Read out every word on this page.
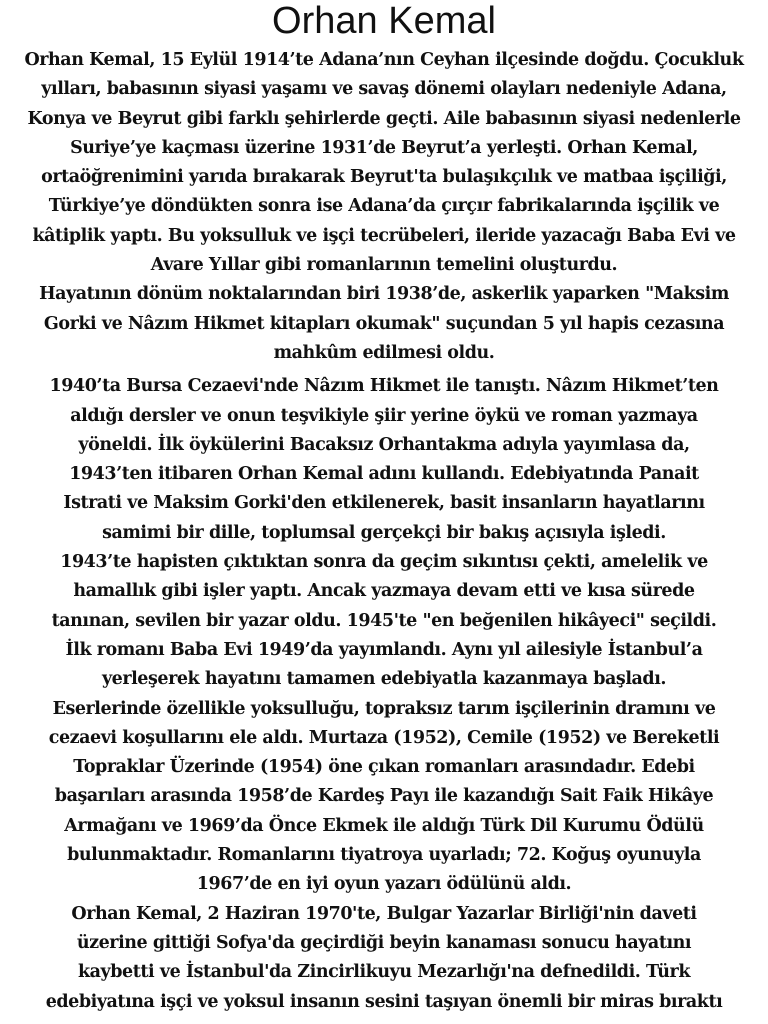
Orhan Kemal
Orhan Kemal, 15 Eylül 1914’te Adana’nın Ceyhan ilçesinde doğdu. Çocukluk
yılları, babasının siyasi yaşamı ve savaş dönemi olayları nedeniyle Adana,
Konya ve Beyrut gibi farklı şehirlerde geçti. Aile babasının siyasi nedenlerle
Suriye’ye kaçması üzerine 1931’de Beyrut’a yerleşti. Orhan Kemal,
ortaöğrenimini yarıda bırakarak Beyrut'ta bulaşıkçılık ve matbaa işçiliği,
Türkiye’ye döndükten sonra ise Adana’da çırçır fabrikalarında işçilik ve
kâtiplik yaptı. Bu yoksulluk ve işçi tecrübeleri, ileride yazacağı Baba Evi ve
Avare Yıllar gibi romanlarının temelini oluşturdu.
Hayatının dönüm noktalarından biri 1938’de, askerlik yaparken "Maksim
Gorki ve Nâzım Hikmet kitapları okumak" suçundan 5 yıl hapis cezasına
mahkûm edilmesi oldu.
1940’ta Bursa Cezaevi'nde Nâzım Hikmet ile tanıştı. Nâzım Hikmet’ten
aldığı dersler ve onun teşvikiyle şiir yerine öykü ve roman yazmaya
yöneldi. İlk öykülerini Bacaksız Orhantakma adıyla yayımlasa da,
1943’ten itibaren Orhan Kemal adını kullandı. Edebiyatında Panait
Istrati ve Maksim Gorki'den etkilenerek, basit insanların hayatlarını
samimi bir dille, toplumsal gerçekçi bir bakış açısıyla işledi.
1943’te hapisten çıktıktan sonra da geçim sıkıntısı çekti, amelelik ve
hamallık gibi işler yaptı. Ancak yazmaya devam etti ve kısa sürede
tanınan, sevilen bir yazar oldu. 1945'te "en beğenilen hikâyeci" seçildi.
İlk romanı Baba Evi 1949’da yayımlandı. Aynı yıl ailesiyle İstanbul’a
yerleşerek hayatını tamamen edebiyatla kazanmaya başladı.
Eserlerinde özellikle yoksulluğu, topraksız tarım işçilerinin dramını ve
cezaevi koşullarını ele aldı. Murtaza (1952), Cemile (1952) ve Bereketli
Topraklar Üzerinde (1954) öne çıkan romanları arasındadır. Edebi
başarıları arasında 1958’de Kardeş Payı ile kazandığı Sait Faik Hikâye
Armağanı ve 1969’da Önce Ekmek ile aldığı Türk Dil Kurumu Ödülü
bulunmaktadır. Romanlarını tiyatroya uyarladı; 72. Koğuş oyunuyla
1967’de en iyi oyun yazarı ödülünü aldı.
Orhan Kemal, 2 Haziran 1970'te, Bulgar Yazarlar Birliği'nin daveti
üzerine gittiği Sofya'da geçirdiği beyin kanaması sonucu hayatını
kaybetti ve İstanbul'da Zincirlikuyu Mezarlığı'na defnedildi. Türk
edebiyatına işçi ve yoksul insanın sesini taşıyan önemli bir miras bıraktı
